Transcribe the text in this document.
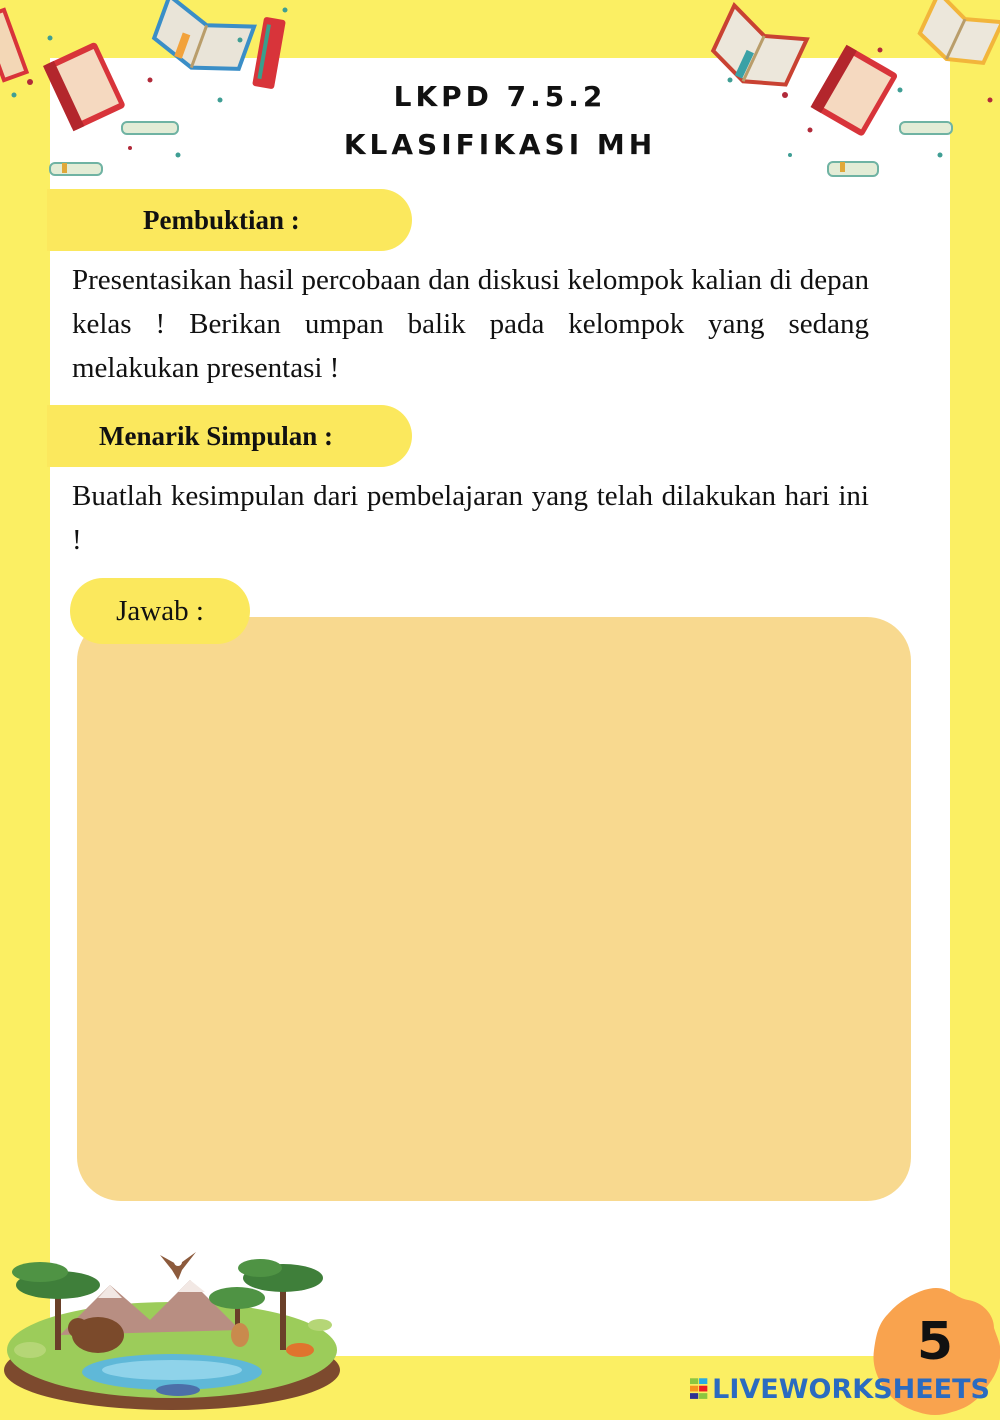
LKPD 7.5.2
KLASIFIKASI MH
Pembuktian :

Presentasikan hasil percobaan dan diskusi kelompok kalian di depan kelas ! Berikan umpan balik pada kelompok yang sedang melakukan presentasi !

Menarik Simpulan :

Buatlah kesimpulan dari pembelajaran yang telah dilakukan hari ini !

Jawab :
5
LIVEWORKSHEETS
